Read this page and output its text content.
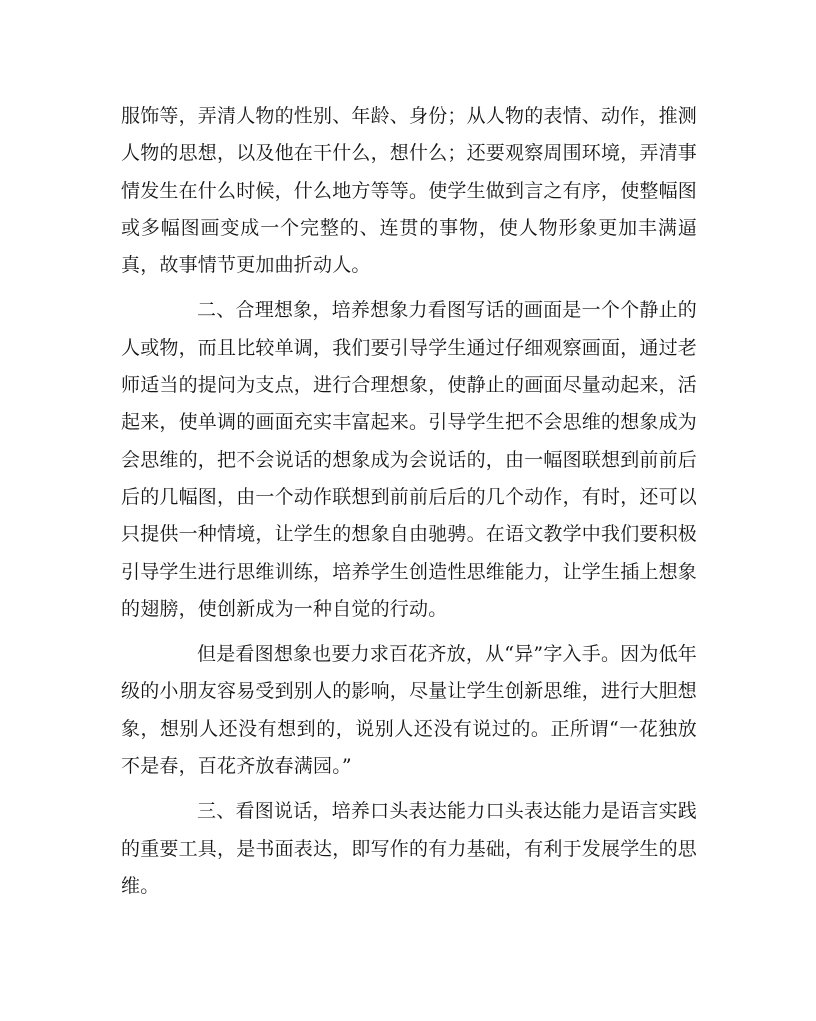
服饰等，弄清人物的性别、年龄、身份；从人物的表情、动作，推测人物的思想，以及他在干什么，想什么；还要观察周围环境，弄清事情发生在什么时候，什么地方等等。使学生做到言之有序，使整幅图或多幅图画变成一个完整的、连贯的事物，使人物形象更加丰满逼真，故事情节更加曲折动人。

二、合理想象，培养想象力看图写话的画面是一个个静止的人或物，而且比较单调，我们要引导学生通过仔细观察画面，通过老师适当的提问为支点，进行合理想象，使静止的画面尽量动起来，活起来，使单调的画面充实丰富起来。引导学生把不会思维的想象成为会思维的，把不会说话的想象成为会说话的，由一幅图联想到前前后后的几幅图，由一个动作联想到前前后后的几个动作，有时，还可以只提供一种情境，让学生的想象自由驰骋。在语文教学中我们要积极引导学生进行思维训练，培养学生创造性思维能力，让学生插上想象的翅膀，使创新成为一种自觉的行动。

但是看图想象也要力求百花齐放，从“异”字入手。因为低年级的小朋友容易受到别人的影响，尽量让学生创新思维，进行大胆想象，想别人还没有想到的，说别人还没有说过的。正所谓“一花独放不是春，百花齐放春满园。”

三、看图说话，培养口头表达能力口头表达能力是语言实践的重要工具，是书面表达，即写作的有力基础，有利于发展学生的思维。
